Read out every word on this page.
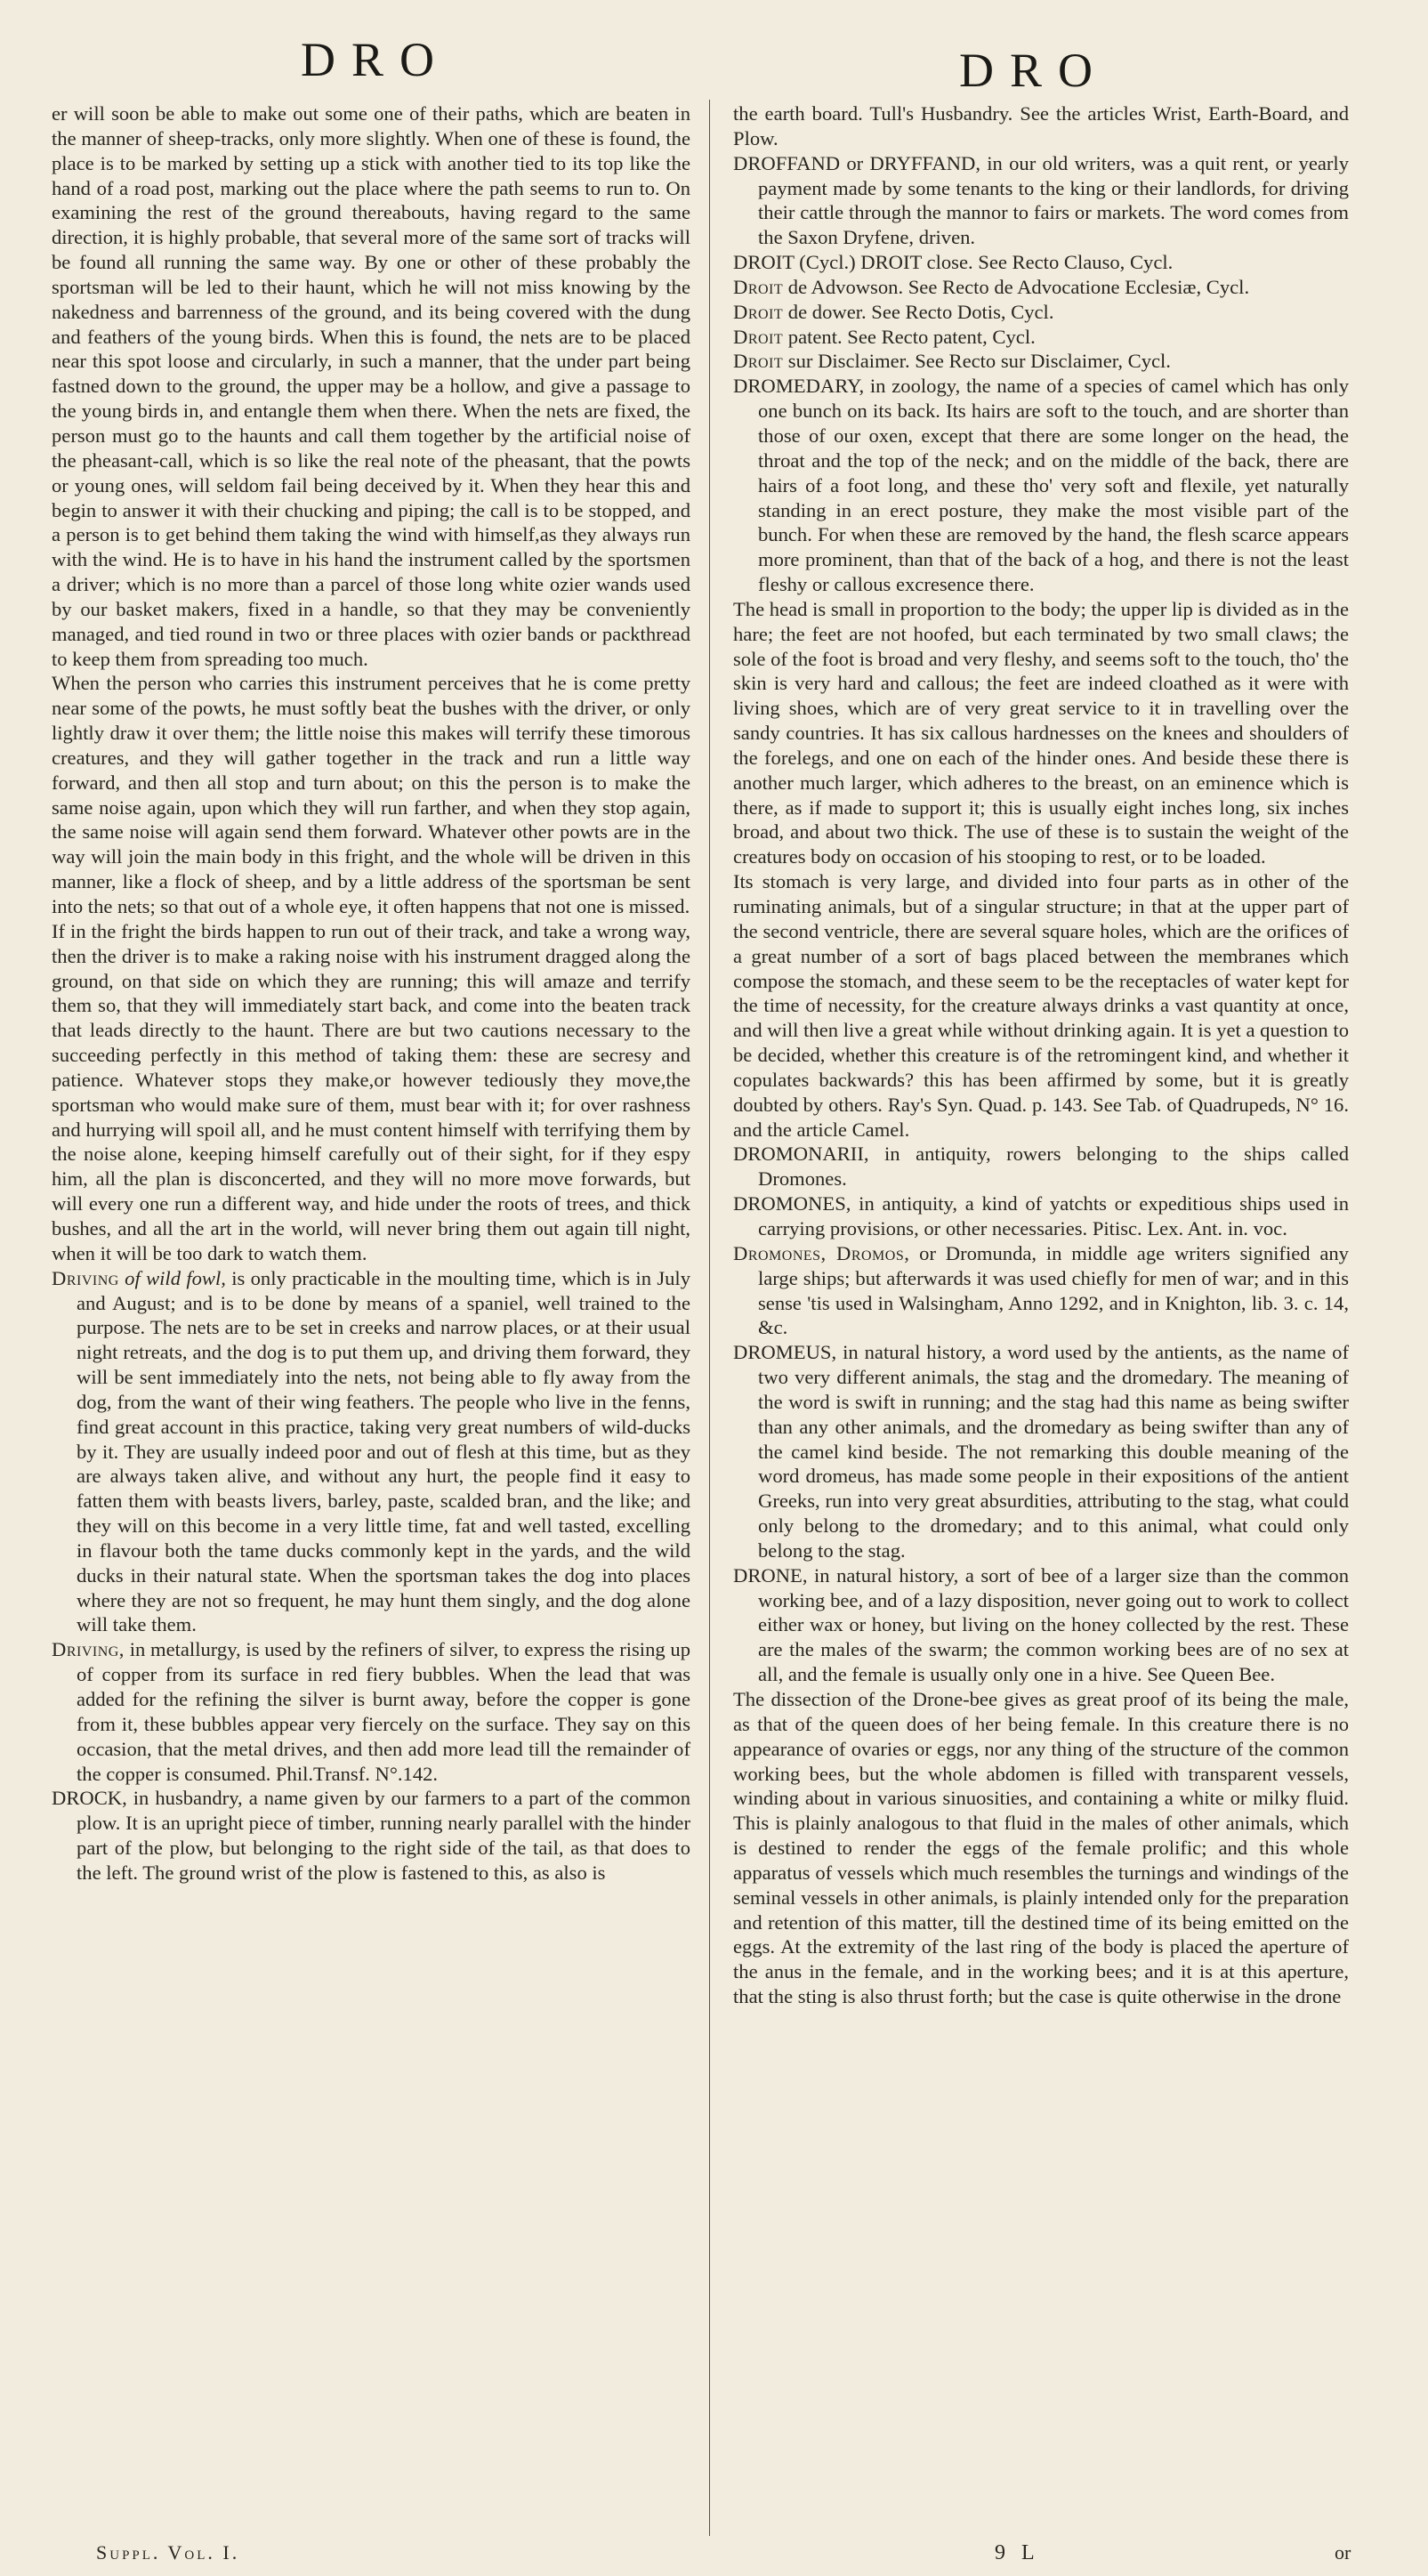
DRO	DRO

er will soon be able to make out some one of their paths, which are beaten in the manner of sheep-tracks, only more slightly. When one of these is found, the place is to be marked by setting up a stick with another tied to its top like the hand of a road post, marking out the place where the path seems to run to. On examining the rest of the ground thereabouts, having regard to the same direction, it is highly probable, that several more of the same sort of tracks will be found all running the same way. By one or other of these probably the sportsman will be led to their haunt, which he will not miss knowing by the nakedness and barrenness of the ground, and its being covered with the dung and feathers of the young birds. When this is found, the nets are to be placed near this spot loose and circularly, in such a manner, that the under part being fastned down to the ground, the upper may be a hollow, and give a passage to the young birds in, and entangle them when there. When the nets are fixed, the person must go to the haunts and call them together by the artificial noise of the pheasant-call, which is so like the real note of the pheasant, that the powts or young ones, will seldom fail being deceived by it. When they hear this and begin to answer it with their chucking and piping; the call is to be stopped, and a person is to get behind them taking the wind with himself,as they always run with the wind. He is to have in his hand the instrument called by the sportsmen a driver; which is no more than a parcel of those long white ozier wands used by our basket makers, fixed in a handle, so that they may be conveniently managed, and tied round in two or three places with ozier bands or packthread to keep them from spreading too much.

When the person who carries this instrument perceives that he is come pretty near some of the powts, he must softly beat the bushes with the driver, or only lightly draw it over them; the little noise this makes will terrify these timorous creatures, and they will gather together in the track and run a little way forward, and then all stop and turn about; on this the person is to make the same noise again, upon which they will run farther, and when they stop again, the same noise will again send them forward. Whatever other powts are in the way will join the main body in this fright, and the whole will be driven in this manner, like a flock of sheep, and by a little address of the sportsman be sent into the nets; so that out of a whole eye, it often happens that not one is missed.

If in the fright the birds happen to run out of their track, and take a wrong way, then the driver is to make a raking noise with his instrument dragged along the ground, on that side on which they are running; this will amaze and terrify them so, that they will immediately start back, and come into the beaten track that leads directly to the haunt. There are but two cautions necessary to the succeeding perfectly in this method of taking them: these are secresy and patience. Whatever stops they make,or however tediously they move,the sportsman who would make sure of them, must bear with it; for over rashness and hurrying will spoil all, and he must content himself with terrifying them by the noise alone, keeping himself carefully out of their sight, for if they espy him, all the plan is disconcerted, and they will no more move forwards, but will every one run a different way, and hide under the roots of trees, and thick bushes, and all the art in the world, will never bring them out again till night, when it will be too dark to watch them.

Driving of wild fowl, is only practicable in the moulting time, which is in July and August; and is to be done by means of a spaniel, well trained to the purpose. The nets are to be set in creeks and narrow places, or at their usual night retreats, and the dog is to put them up, and driving them forward, they will be sent immediately into the nets, not being able to fly away from the dog, from the want of their wing feathers. The people who live in the fenns, find great account in this practice, taking very great numbers of wild-ducks by it. They are usually indeed poor and out of flesh at this time, but as they are always taken alive, and without any hurt, the people find it easy to fatten them with beasts livers, barley, paste, scalded bran, and the like; and they will on this become in a very little time, fat and well tasted, excelling in flavour both the tame ducks commonly kept in the yards, and the wild ducks in their natural state. When the sportsman takes the dog into places where they are not so frequent, he may hunt them singly, and the dog alone will take them.

Driving, in metallurgy, is used by the refiners of silver, to express the rising up of copper from its surface in red fiery bubbles. When the lead that was added for the refining the silver is burnt away, before the copper is gone from it, these bubbles appear very fiercely on the surface. They say on this occasion, that the metal drives, and then add more lead till the remainder of the copper is consumed. Phil.Transf. N°.142.

DROCK, in husbandry, a name given by our farmers to a part of the common plow. It is an upright piece of timber, running nearly parallel with the hinder part of the plow, but belonging to the right side of the tail, as that does to the left. The ground wrist of the plow is fastened to this, as also is

the earth board. Tull's Husbandry. See the articles Wrist, Earth-Board, and Plow.

DROFFAND or DRYFFAND, in our old writers, was a quit rent, or yearly payment made by some tenants to the king or their landlords, for driving their cattle through the mannor to fairs or markets. The word comes from the Saxon Dryfene, driven.

DROIT (Cycl.) DROIT close. See Recto Clauso, Cycl.

Droit de Advowson. See Recto de Advocatione Ecclesiæ, Cycl.

Droit de dower. See Recto Dotis, Cycl.

Droit patent. See Recto patent, Cycl.

Droit sur Disclaimer. See Recto sur Disclaimer, Cycl.

DROMEDARY, in zoology, the name of a species of camel which has only one bunch on its back. Its hairs are soft to the touch, and are shorter than those of our oxen, except that there are some longer on the head, the throat and the top of the neck; and on the middle of the back, there are hairs of a foot long, and these tho' very soft and flexile, yet naturally standing in an erect posture, they make the most visible part of the bunch. For when these are removed by the hand, the flesh scarce appears more prominent, than that of the back of a hog, and there is not the least fleshy or callous excresence there.

The head is small in proportion to the body; the upper lip is divided as in the hare; the feet are not hoofed, but each terminated by two small claws; the sole of the foot is broad and very fleshy, and seems soft to the touch, tho' the skin is very hard and callous; the feet are indeed cloathed as it were with living shoes, which are of very great service to it in travelling over the sandy countries. It has six callous hardnesses on the knees and shoulders of the forelegs, and one on each of the hinder ones. And beside these there is another much larger, which adheres to the breast, on an eminence which is there, as if made to support it; this is usually eight inches long, six inches broad, and about two thick. The use of these is to sustain the weight of the creatures body on occasion of his stooping to rest, or to be loaded.

Its stomach is very large, and divided into four parts as in other of the ruminating animals, but of a singular structure; in that at the upper part of the second ventricle, there are several square holes, which are the orifices of a great number of a sort of bags placed between the membranes which compose the stomach, and these seem to be the receptacles of water kept for the time of necessity, for the creature always drinks a vast quantity at once, and will then live a great while without drinking again. It is yet a question to be decided, whether this creature is of the retromingent kind, and whether it copulates backwards? this has been affirmed by some, but it is greatly doubted by others. Ray's Syn. Quad. p. 143. See Tab. of Quadrupeds, N° 16. and the article Camel.

DROMONARII, in antiquity, rowers belonging to the ships called Dromones.

DROMONES, in antiquity, a kind of yatchts or expeditious ships used in carrying provisions, or other necessaries. Pitisc. Lex. Ant. in. voc.

Dromones, Dromos, or Dromunda, in middle age writers signified any large ships; but afterwards it was used chiefly for men of war; and in this sense 'tis used in Walsingham, Anno 1292, and in Knighton, lib. 3. c. 14, &c.

DROMEUS, in natural history, a word used by the antients, as the name of two very different animals, the stag and the dromedary. The meaning of the word is swift in running; and the stag had this name as being swifter than any other animals, and the dromedary as being swifter than any of the camel kind beside. The not remarking this double meaning of the word dromeus, has made some people in their expositions of the antient Greeks, run into very great absurdities, attributing to the stag, what could only belong to the dromedary; and to this animal, what could only belong to the stag.

DRONE, in natural history, a sort of bee of a larger size than the common working bee, and of a lazy disposition, never going out to work to collect either wax or honey, but living on the honey collected by the rest. These are the males of the swarm; the common working bees are of no sex at all, and the female is usually only one in a hive. See Queen Bee.

The dissection of the Drone-bee gives as great proof of its being the male, as that of the queen does of her being female. In this creature there is no appearance of ovaries or eggs, nor any thing of the structure of the common working bees, but the whole abdomen is filled with transparent vessels, winding about in various sinuosities, and containing a white or milky fluid. This is plainly analogous to that fluid in the males of other animals, which is destined to render the eggs of the female prolific; and this whole apparatus of vessels which much resembles the turnings and windings of the seminal vessels in other animals, is plainly intended only for the preparation and retention of this matter, till the destined time of its being emitted on the eggs. At the extremity of the last ring of the body is placed the aperture of the anus in the female, and in the working bees; and it is at this aperture, that the sting is also thrust forth; but the case is quite otherwise in the drone

Suppl. Vol. I.	9 L	or
